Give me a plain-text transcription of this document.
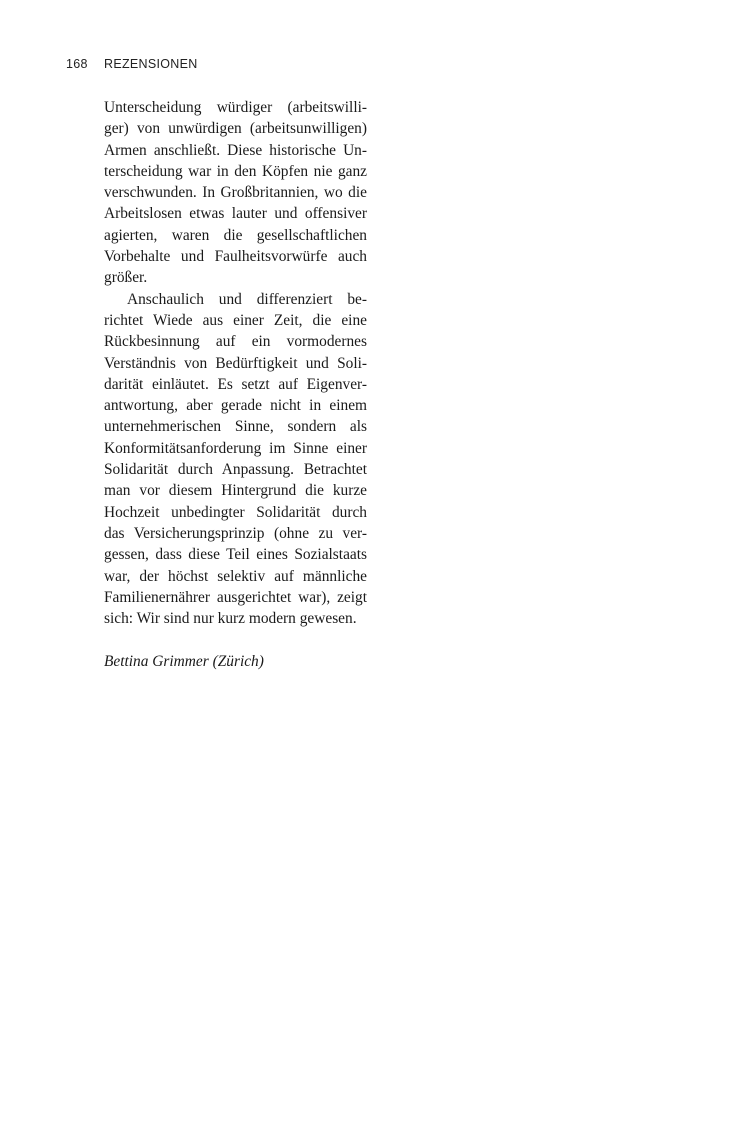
168 REZENSIONEN
Unterscheidung würdiger (arbeitswilli-
ger) von unwürdigen (arbeitsunwilligen)
Armen anschließt. Diese historische Un-
terscheidung war in den Köpfen nie ganz
verschwunden. In Großbritannien, wo die
Arbeitslosen etwas lauter und offensiver
agierten, waren die gesellschaftlichen
Vorbehalte und Faulheitsvorwürfe auch
größer.
Anschaulich und differenziert be-
richtet Wiede aus einer Zeit, die eine
Rückbesinnung auf ein vormodernes
Verständnis von Bedürftigkeit und Soli-
darität einläutet. Es setzt auf Eigenver-
antwortung, aber gerade nicht in einem
unternehmerischen Sinne, sondern als
Konformitätsanforderung im Sinne einer
Solidarität durch Anpassung. Betrachtet
man vor diesem Hintergrund die kurze
Hochzeit unbedingter Solidarität durch
das Versicherungsprinzip (ohne zu ver-
gessen, dass diese Teil eines Sozialstaats
war, der höchst selektiv auf männliche
Familienernährer ausgerichtet war), zeigt
sich: Wir sind nur kurz modern gewesen.
Bettina Grimmer (Zürich)
